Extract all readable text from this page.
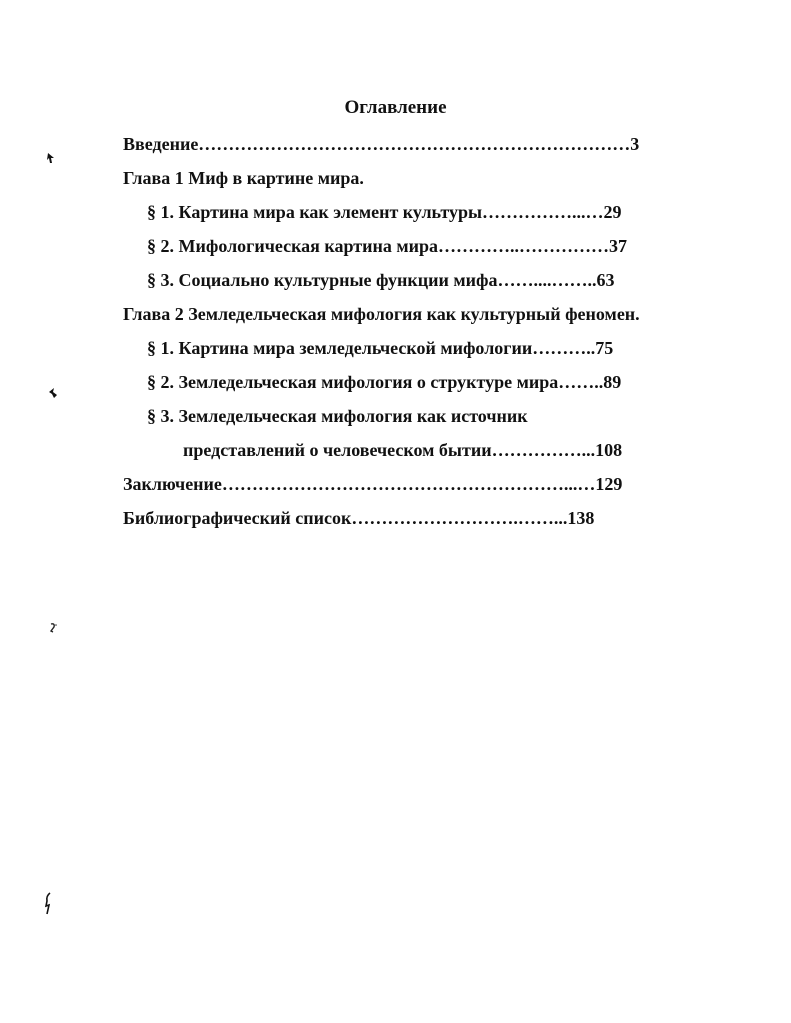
Оглавление
Введение………………………………………………………………3
Глава 1 Миф в картине мира.
§ 1. Картина мира как элемент культуры……………...…29
§ 2. Мифологическая картина мира…………..……………37
§ 3. Социально культурные функции мифа……....……..63
Глава 2 Земледельческая мифология как культурный феномен.
§ 1. Картина мира земледельческой мифологии………..75
§ 2. Земледельческая мифология о структуре мира……..89
§ 3. Земледельческая мифология как источник
представлений о человеческом бытии……………...108
Заключение…………………………………………………...…129
Библиографический список……………………….……...138
